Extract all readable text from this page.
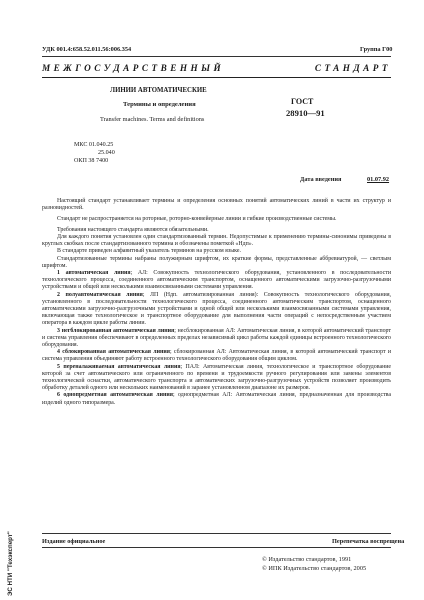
УДК 001.4:658.52.011.56:006.354	Группа Г00
МЕЖГОСУДАРСТВЕННЫЙ СТАНДАРТ
ЛИНИИ АВТОМАТИЧЕСКИЕ
Термины и определения
Transfer machines. Terms and definitions
ГОСТ
28910—91
МКС 01.040.25
25.040
ОКП 38 7400
Дата введения	01.07.92

Настоящий стандарт устанавливает термины и определения основных понятий автоматических линий в части их структур и разновидностей.

Стандарт не распространяется на роторные, роторно-конвейерные линии и гибкие производственные системы.

Требования настоящего стандарта являются обязательными.

Для каждого понятия установлен один стандартизованный термин. Недопустимые к применению термины-синонимы приведены в круглых скобках после стандартизованного термина и обозначены пометкой «Ндп».

В стандарте приведен алфавитный указатель терминов на русском языке.

Стандартизованные термины набраны полужирным шрифтом, их краткие формы, представленные аббревиатурой, — светлым шрифтом.

1 автоматическая линия; АЛ: Совокупность технологического оборудования, установленного в последовательности технологического процесса, соединенного автоматическим транспортом, оснащенного автоматическими загрузочно-разгрузочными устройствами и общей или несколькими взаимосвязанными системами управления.

2 полуавтоматическая линия; ЛП (Ндп. автоматизированная линия): Совокупность технологического оборудования, установленного в последовательности технологического процесса, соединенного автоматическим транспортом, оснащенного автоматическими загрузочно-разгрузочными устройствами и одной общей или несколькими взаимосвязанными системами управления, включающая также технологическое и транспортное оборудование для выполнения части операций с непосредственным участием оператора в каждом цикле работы линии.

3 негблокированная автоматическая линия; несблокированная АЛ: Автоматическая линия, в которой автоматический транспорт и система управления обеспечивают в определенных пределах независимый цикл работы каждой единицы встроенного технологического оборудования.

4 сблокированная автоматическая линия; сблокированная АЛ: Автоматическая линия, в которой автоматический транспорт и система управления объединяют работу встроенного технологического оборудования общим циклом.

5 переналаживаемая автоматическая линия; ПАЛ: Автоматическая линия, технологическое и транспортное оборудование которой за счет автоматического или ограниченного по времени и трудоемкости ручного регулирования или замены элементов технологической оснастки, автоматического транспорта и автоматических загрузочно-разгрузочных устройств позволяет производить обработку деталей одного или нескольких наименований в заранее установленном диапазоне их размеров.

6 однопредметная автоматическая линия; однопредметная АЛ: Автоматическая линия, предназначенная для производства изделий одного типоразмера.

Издание официальное	Перепечатка воспрещена
© Издательство стандартов, 1991
© ИПК Издательство стандартов, 2005
ЭС НТИ "Техэксперт"
